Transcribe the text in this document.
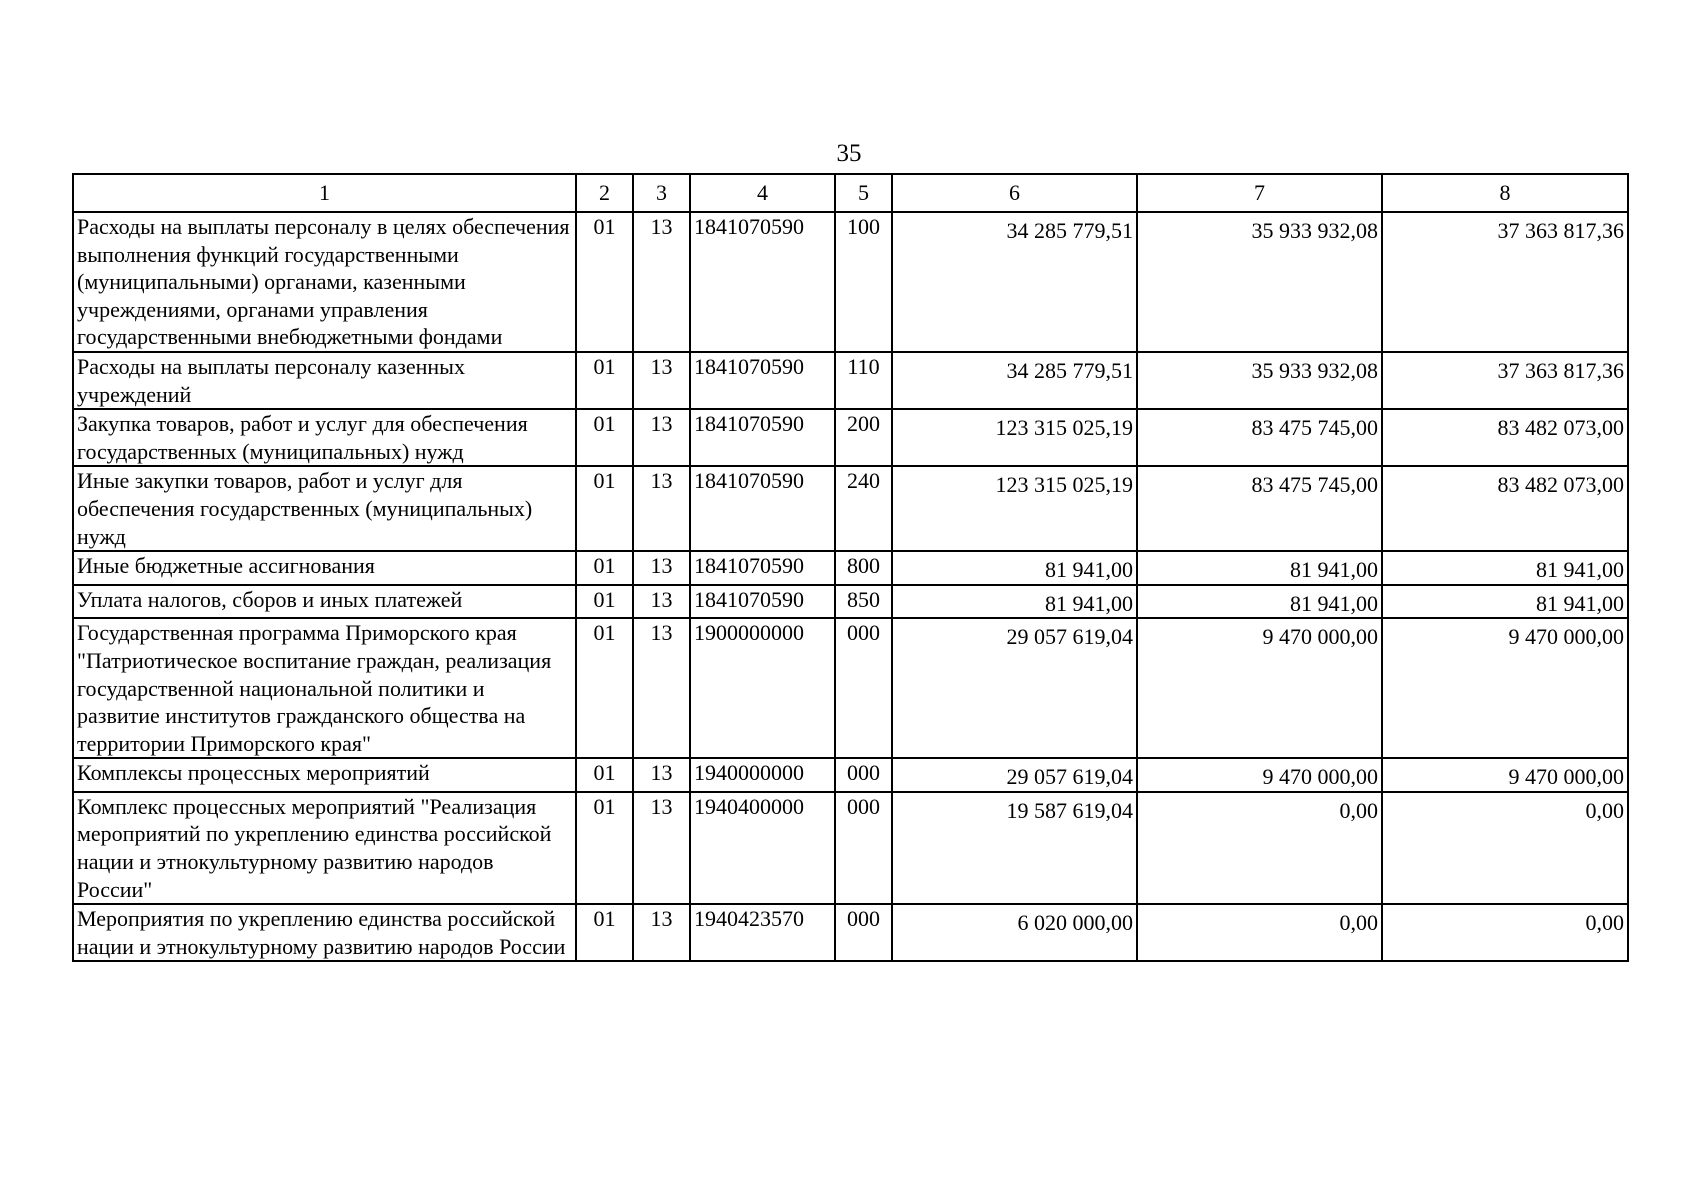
35
1	2	3	4	5	6	7	8
Расходы на выплаты персоналу в целях обеспечения выполнения функций государственными (муниципальными) органами, казенными учреждениями, органами управления государственными внебюджетными фондами	01	13	1841070590	100	34 285 779,51	35 933 932,08	37 363 817,36
Расходы на выплаты персоналу казенных учреждений	01	13	1841070590	110	34 285 779,51	35 933 932,08	37 363 817,36
Закупка товаров, работ и услуг для обеспечения государственных (муниципальных) нужд	01	13	1841070590	200	123 315 025,19	83 475 745,00	83 482 073,00
Иные закупки товаров, работ и услуг для обеспечения государственных (муниципальных) нужд	01	13	1841070590	240	123 315 025,19	83 475 745,00	83 482 073,00
Иные бюджетные ассигнования	01	13	1841070590	800	81 941,00	81 941,00	81 941,00
Уплата налогов, сборов и иных платежей	01	13	1841070590	850	81 941,00	81 941,00	81 941,00
Государственная программа Приморского края "Патриотическое воспитание граждан, реализация государственной национальной политики и развитие институтов гражданского общества на территории Приморского края"	01	13	1900000000	000	29 057 619,04	9 470 000,00	9 470 000,00
Комплексы процессных мероприятий	01	13	1940000000	000	29 057 619,04	9 470 000,00	9 470 000,00
Комплекс процессных мероприятий "Реализация мероприятий по укреплению единства российской нации и этнокультурному развитию народов России"	01	13	1940400000	000	19 587 619,04	0,00	0,00
Мероприятия по укреплению единства российской нации и этнокультурному развитию народов России	01	13	1940423570	000	6 020 000,00	0,00	0,00
